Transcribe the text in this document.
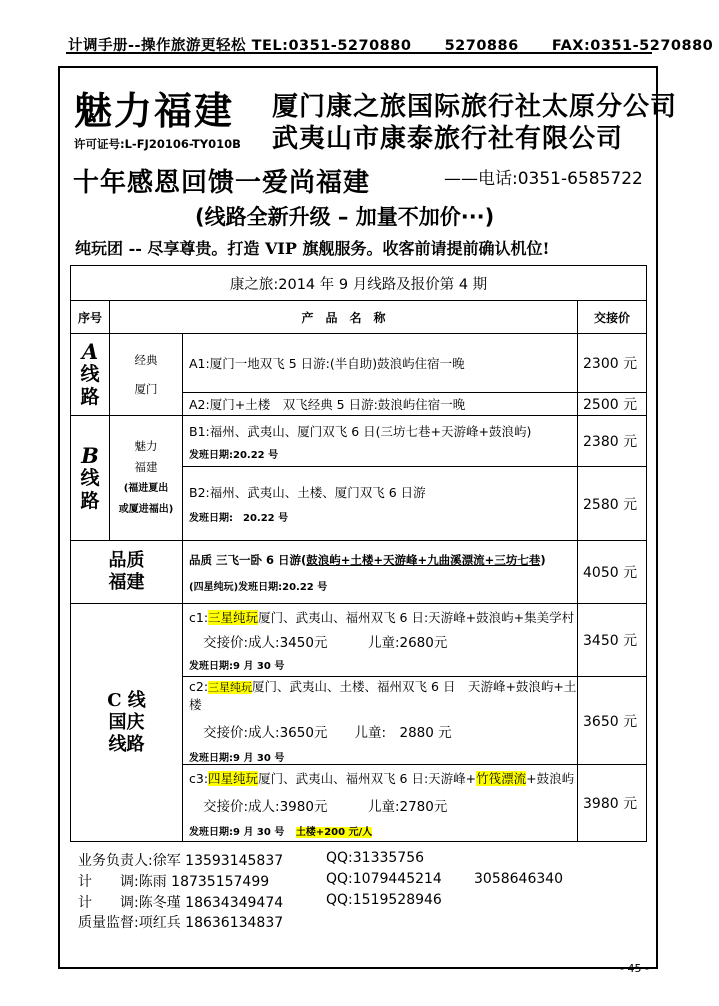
计调手册--操作旅游更轻松 TEL:0351-5270880 5270886 FAX:0351-5270880
魅力福建 厦门康之旅国际旅行社太原分公司
武夷山市康泰旅行社有限公司
许可证号:L-FJ20106-TY010B
十年感恩回馈一爱尚福建	——电话:0351-6585722
(线路全新升级 – 加量不加价···)
纯玩团 -- 尽享尊贵。打造 VIP 旗舰服务。收客前请提前确认机位!
康之旅:2014 年 9 月线路及报价第 4 期			
序号	产　品　名　称		交接价

A
线
路	经典
厦门	A1:厦门一地双飞 5 日游:(半自助)鼓浪屿住宿一晚	2300 元
		A2:厦门+土楼　双飞经典 5 日游:鼓浪屿住宿一晚	2500 元

B
线
路	魅力
福建
(福进夏出
或厦进福出)	B1:福州、武夷山、厦门双飞 6 日(三坊七巷+天游峰+鼓浪屿)
发班日期:20.22 号	2380 元

		B2:福州、武夷山、土楼、厦门双飞 6 日游
发班日期:　20.22 号	2580 元

品质
福建		品质 三飞一卧 6 日游(鼓浪屿+土楼+天游峰+九曲溪漂流+三坊七巷)
(四星纯玩)发班日期:20.22 号	4050 元

C 线
国庆
线路		c1:三星纯玩厦门、武夷山、福州双飞 6 日:天游峰+鼓浪屿+集美学村
交接价:成人:3450元　　　儿童:2680元
发班日期:9 月 30 号	3450 元

		c2:三星纯玩厦门、武夷山、土楼、福州双飞 6 日　天游峰+鼓浪屿+土楼
交接价:成人:3650元　　儿童:　2880 元
发班日期:9 月 30 号	3650 元

		c3:四星纯玩厦门、武夷山、福州双飞 6 日:天游峰+竹筏漂流+鼓浪屿
交接价:成人:3980元　　　儿童:2780元
发班日期:9 月 30 号 土楼+200 元/人	3980 元
业务负责人:徐军 13593145837	QQ:31335756
计　　调:陈雨 18735157499	QQ:1079445214 3058646340
计　　调:陈冬瑾 18634349474	QQ:1519528946
质量监督:项红兵 18636134837
- 45 -
